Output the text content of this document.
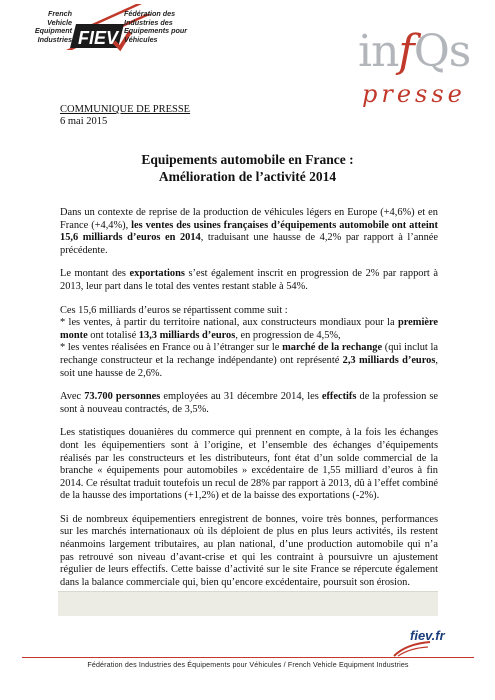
FIEV
French
Vehicle
Equipment
Industries
Fédération des
Industries des
Equipements pour
Véhicules	infQs
presse
COMMUNIQUE DE PRESSE
6 mai 2015
Equipements automobile en France :
Amélioration de l’activité 2014

Dans un contexte de reprise de la production de véhicules légers en Europe (+4,6%) et en France (+4,4%), les ventes des usines françaises d’équipements automobile ont atteint 15,6 milliards d’euros en 2014, traduisant une hausse de 4,2% par rapport à l’année précédente.

Le montant des exportations s’est également inscrit en progression de 2% par rapport à 2013, leur part dans le total des ventes restant stable à 54%.

Ces 15,6 milliards d’euros se répartissent comme suit :
* les ventes, à partir du territoire national, aux constructeurs mondiaux pour la première monte ont totalisé 13,3 milliards d’euros, en progression de 4,5%,
* les ventes réalisées en France ou à l’étranger sur le marché de la rechange (qui inclut la rechange constructeur et la rechange indépendante) ont représenté 2,3 milliards d’euros, soit une hausse de 2,6%.

Avec 73.700 personnes employées au 31 décembre 2014, les effectifs de la profession se sont à nouveau contractés, de 3,5%.

Les statistiques douanières du commerce qui prennent en compte, à la fois les échanges dont les équipementiers sont à l’origine, et l’ensemble des échanges d’équipements réalisés par les constructeurs et les distributeurs, font état d’un solde commercial de la branche « équipements pour automobiles » excédentaire de 1,55 milliard d’euros à fin 2014. Ce résultat traduit toutefois un recul de 28% par rapport à 2013, dû à l’effet combiné de la hausse des importations (+1,2%) et de la baisse des exportations (-2%).

Si de nombreux équipementiers enregistrent de bonnes, voire très bonnes, performances sur les marchés internationaux où ils déploient de plus en plus leurs activités, ils restent néanmoins largement tributaires, au plan national, d’une production automobile qui n’a pas retrouvé son niveau d’avant-crise et qui les contraint à poursuivre un ajustement régulier de leurs effectifs. Cette baisse d’activité sur le site France se répercute également dans la balance commerciale qui, bien qu’encore excédentaire, poursuit son érosion.

fiev.fr
Fédération des Industries des Équipements pour Véhicules / French Vehicle Equipment Industries
